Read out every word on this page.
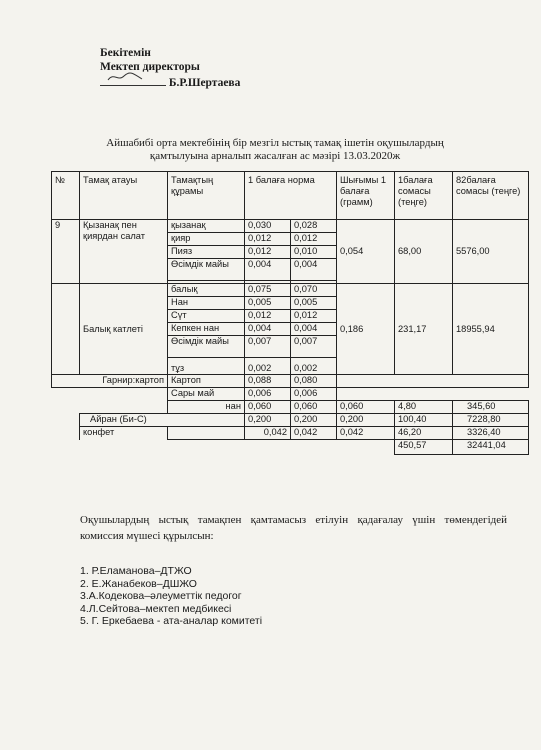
Бекітемін
Мектеп директоры
Б.Р.Шертаева
Айшабибі орта мектебінің бір мезгіл ыстық тамақ ішетін оқушылардың
қамтылуына арналып жасалған ас мәзірі 13.03.2020ж
№	Тамақ атауы	Тамақтың құрамы	1 балаға норма		Шығымы 1 балаға (грамм)	1балаға сомасы (теңге)	82балаға сомасы (теңге)
9	Қызанақ пен қиярдан салат	қызанақ	0,030	0,028	0,054	68,00	5576,00
		қияр	0,012	0,012			
		Пияз	0,012	0,010			
		Өсімдік майы	0,004	0,004			

	Балық катлеті	балық	0,075	0,070	0,186	231,17	18955,94
		Нан	0,005	0,005			
		Сүт	0,012	0,012			
		Кепкен нан	0,004	0,004			
		Өсімдік майы	0,007	0,007			
		тұз	0,002	0,002			
Гарнир:картоп		Картоп	0,088	0,080			
		Сары май	0,006	0,006			
		нан	0,060	0,060	0,060	4,80	345,60
	Айран (Би-С)		0,200	0,200	0,200	100,40	7228,80
	конфет		0,042	0,042	0,042	46,20	3326,40
						450,57	32441,04
Оқушылардың ыстық тамақпен қамтамасыз етілуін қадағалау үшін төмендегідей комиссия мүшесі құрылсын:
1. Р.Еламанова–ДТЖО
2. Е.Жанабеков–ДШЖО
3.А.Кодекова–әлеуметтік педогог
4.Л.Сейтова–мектеп медбикесі
5. Г. Еркебаева - ата-аналар комитеті
